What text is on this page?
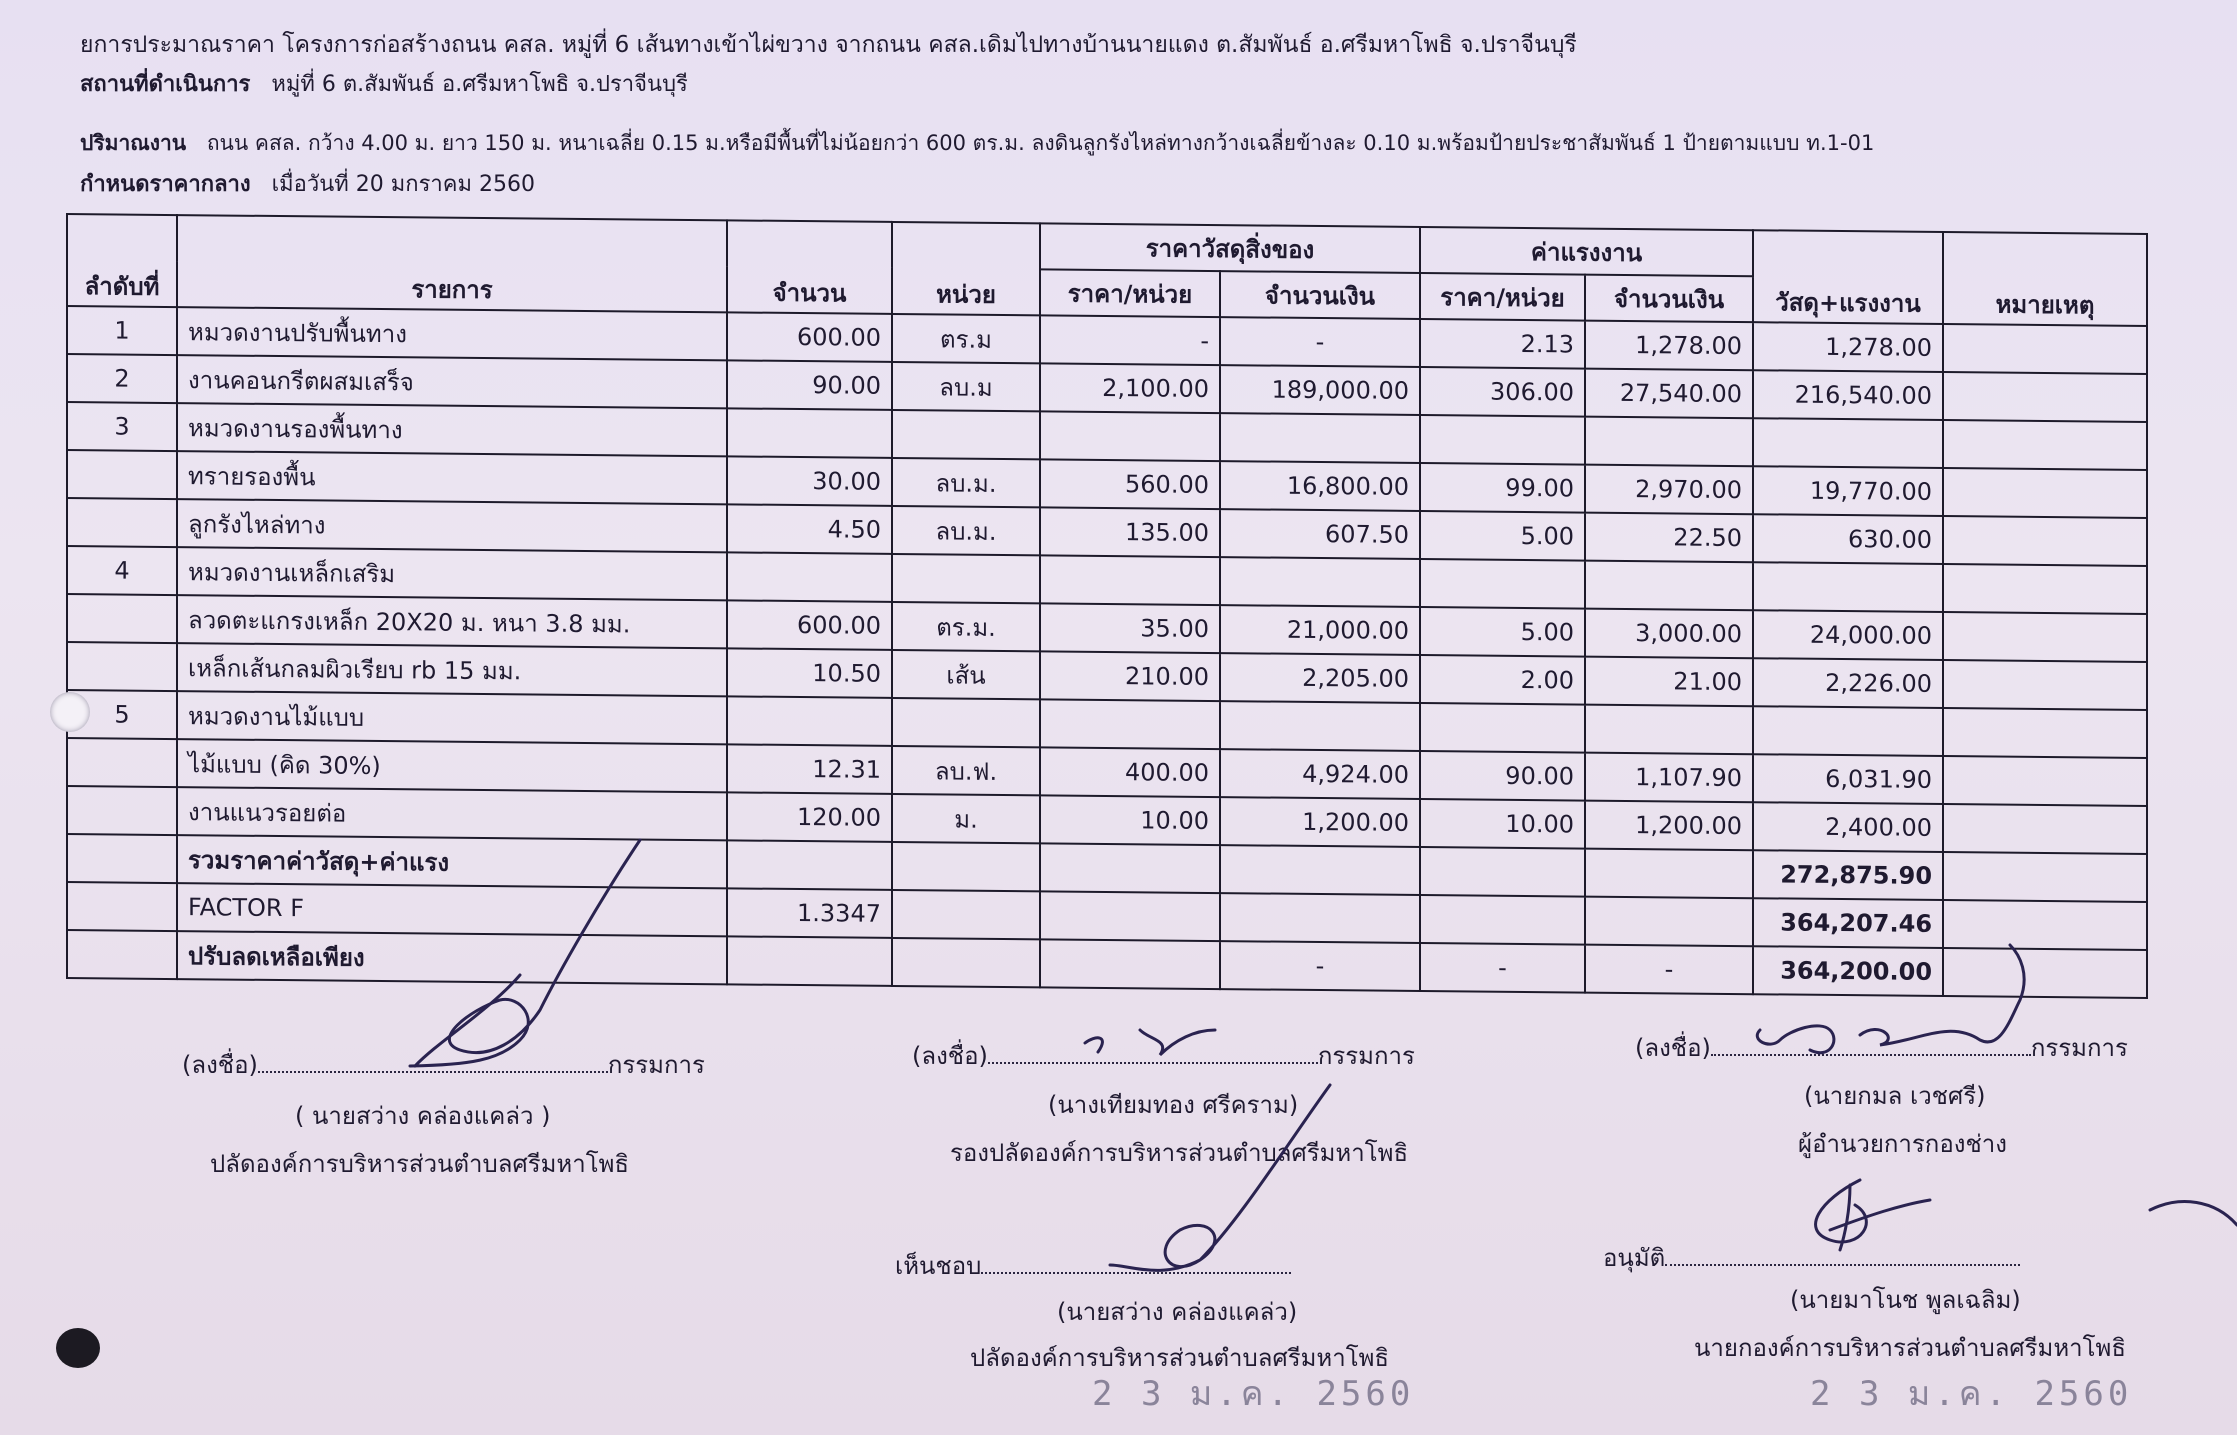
ยการประมาณราคา โครงการก่อสร้างถนน คสล. หมู่ที่ 6 เส้นทางเข้าไผ่ขวาง จากถนน คสล.เดิมไปทางบ้านนายแดง ต.สัมพันธ์ อ.ศรีมหาโพธิ จ.ปราจีนบุรี
สถานที่ดำเนินการ หมู่ที่ 6 ต.สัมพันธ์ อ.ศรีมหาโพธิ จ.ปราจีนบุรี
ปริมาณงาน ถนน คสล. กว้าง 4.00 ม. ยาว 150 ม. หนาเฉลี่ย 0.15 ม.หรือมีพื้นที่ไม่น้อยกว่า 600 ตร.ม. ลงดินลูกรังไหล่ทางกว้างเฉลี่ยข้างละ 0.10 ม.พร้อมป้ายประชาสัมพันธ์ 1 ป้ายตามแบบ ท.1-01
กำหนดราคากลาง เมื่อวันที่ 20 มกราคม 2560
ลำดับที่	รายการ	จำนวน	หน่วย	ราคาวัสดุสิ่งของ		ค่าแรงงาน		วัสดุ+แรงงาน	หมายเหตุ
				ราคา/หน่วย	จำนวนเงิน	ราคา/หน่วย	จำนวนเงิน		
1	หมวดงานปรับพื้นทาง	600.00	ตร.ม	-	-	2.13	1,278.00	1,278.00	
2	งานคอนกรีตผสมเสร็จ	90.00	ลบ.ม	2,100.00	189,000.00	306.00	27,540.00	216,540.00	
3	หมวดงานรองพื้นทาง								
	ทรายรองพื้น	30.00	ลบ.ม.	560.00	16,800.00	99.00	2,970.00	19,770.00	
	ลูกรังไหล่ทาง	4.50	ลบ.ม.	135.00	607.50	5.00	22.50	630.00	
4	หมวดงานเหล็กเสริม								
	ลวดตะแกรงเหล็ก 20X20 ม. หนา 3.8 มม.	600.00	ตร.ม.	35.00	21,000.00	5.00	3,000.00	24,000.00	
	เหล็กเส้นกลมผิวเรียบ rb 15 มม.	10.50	เส้น	210.00	2,205.00	2.00	21.00	2,226.00	
5	หมวดงานไม้แบบ								
	ไม้แบบ (คิด 30%)	12.31	ลบ.ฟ.	400.00	4,924.00	90.00	1,107.90	6,031.90	
	งานแนวรอยต่อ	120.00	ม.	10.00	1,200.00	10.00	1,200.00	2,400.00	
	รวมราคาค่าวัสดุ+ค่าแรง							272,875.90	
	FACTOR F	1.3347						364,207.46	
	ปรับลดเหลือเพียง				-	-	-	364,200.00	
(ลงชื่อ)	กรรมการ
( นายสว่าง คล่องแคล่ว )
ปลัดองค์การบริหารส่วนตำบลศรีมหาโพธิ
(ลงชื่อ)	กรรมการ
(นางเทียมทอง ศรีคราม)
รองปลัดองค์การบริหารส่วนตำบลศรีมหาโพธิ
(ลงชื่อ)	กรรมการ
(นายกมล เวชศรี)
ผู้อำนวยการกองช่าง
เห็นชอบ
(นายสว่าง คล่องแคล่ว)
ปลัดองค์การบริหารส่วนตำบลศรีมหาโพธิ
2 3 ม.ค. 2560
อนุมัติ
(นายมาโนช พูลเฉลิม)
นายกองค์การบริหารส่วนตำบลศรีมหาโพธิ
2 3 ม.ค. 2560
